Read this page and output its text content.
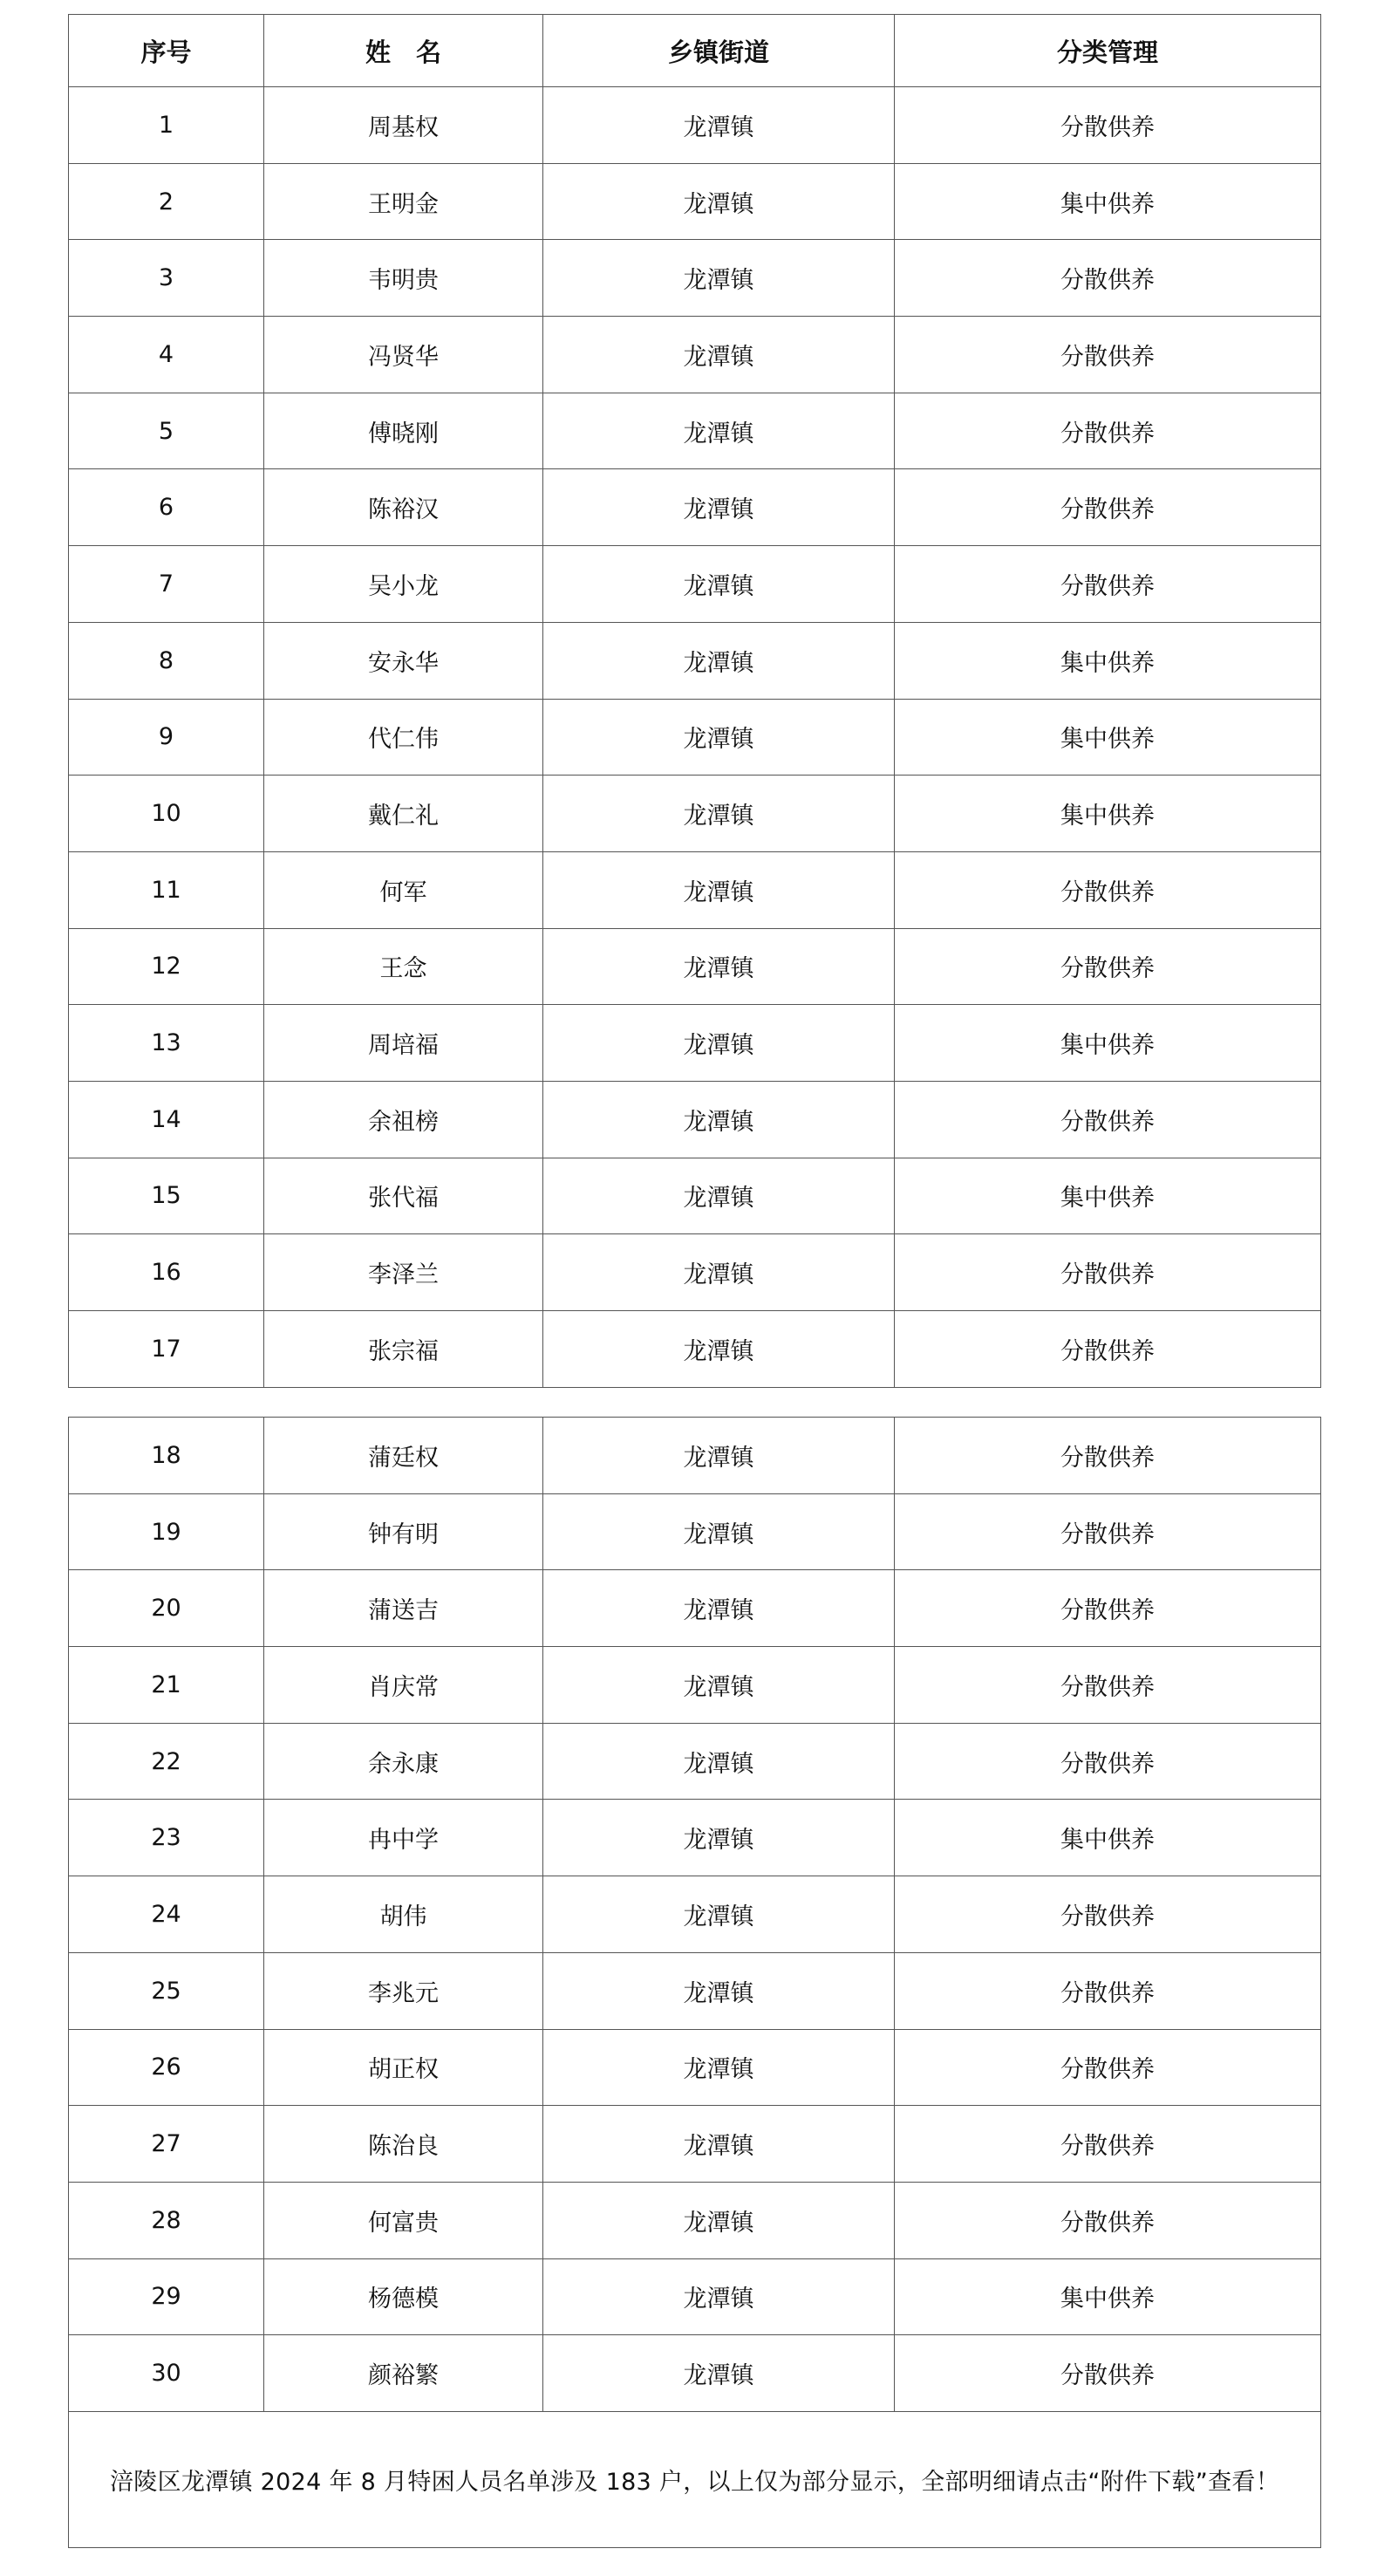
序号	姓　名	乡镇街道	分类管理
1	周基权	龙潭镇	分散供养
2	王明金	龙潭镇	集中供养
3	韦明贵	龙潭镇	分散供养
4	冯贤华	龙潭镇	分散供养
5	傅晓刚	龙潭镇	分散供养
6	陈裕汉	龙潭镇	分散供养
7	吴小龙	龙潭镇	分散供养
8	安永华	龙潭镇	集中供养
9	代仁伟	龙潭镇	集中供养
10	戴仁礼	龙潭镇	集中供养
11	何军	龙潭镇	分散供养
12	王念	龙潭镇	分散供养
13	周培福	龙潭镇	集中供养
14	余祖榜	龙潭镇	分散供养
15	张代福	龙潭镇	集中供养
16	李泽兰	龙潭镇	分散供养
17	张宗福	龙潭镇	分散供养
18	蒲廷权	龙潭镇	分散供养
19	钟有明	龙潭镇	分散供养
20	蒲送吉	龙潭镇	分散供养
21	肖庆常	龙潭镇	分散供养
22	余永康	龙潭镇	分散供养
23	冉中学	龙潭镇	集中供养
24	胡伟	龙潭镇	分散供养
25	李兆元	龙潭镇	分散供养
26	胡正权	龙潭镇	分散供养
27	陈治良	龙潭镇	分散供养
28	何富贵	龙潭镇	分散供养
29	杨德模	龙潭镇	集中供养
30	颜裕繁	龙潭镇	分散供养
涪陵区龙潭镇 2024 年 8 月特困人员名单涉及 183 户，以上仅为部分显示，全部明细请点击“附件下载”查看！			
